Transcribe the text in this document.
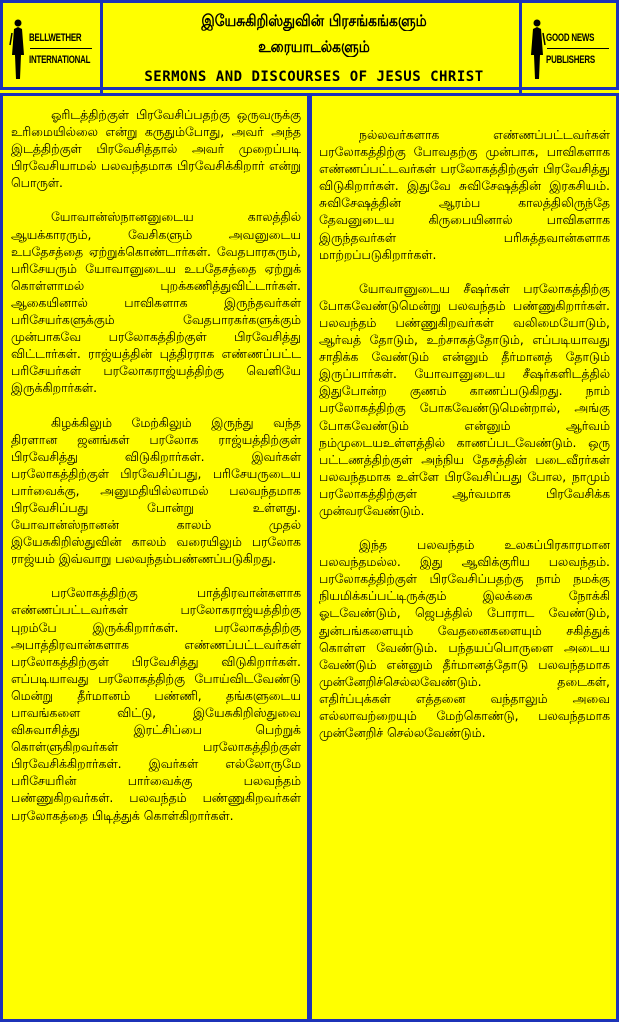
BELLWETHER
INTERNATIONAL
இயேசுகிறிஸ்துவின் பிரசங்கங்களும்
உரையாடல்களும்
SERMONS AND DISCOURSES OF JESUS CHRIST
GOOD NEWS
PUBLISHERS

ஓரிடத்திற்குள் பிரவேசிப்பதற்கு ஒருவருக்கு உரிமையில்லை என்று கருதும்போது, அவர் அந்த இடத்திற்குள் பிரவேசித்தால் அவர் முறைப்படி பிரவேசியாமல் பலவந்தமாக பிரவேசிக்கிறார் என்று பொருள்.

யோவான்ஸ்நானனுடைய காலத்தில் ஆயக்காரரும், வேசிகளும் அவனுடைய உபதேசத்தை ஏற்றுக்கொண்டார்கள். வேதபாரகரும், பரிசேயரும் யோவானுடைய உபதேசத்தை ஏற்றுக் கொள்ளாமல் புறக்கணித்துவிட்டார்கள். ஆகையினால் பாவிகளாக இருந்தவர்கள் பரிசேயர்களுக்கும் வேதபாரகர்களுக்கும் முன்பாகவே பரலோகத்திற்குள் பிரவேசித்து விட்டார்கள். ராஜ்யத்தின் புத்திரராக எண்ணப்பட்ட பரிசேயர்கள் பரலோகராஜ்யத்திற்கு வெளியே இருக்கிறார்கள்.

கிழக்கிலும் மேற்கிலும் இருந்து வந்த திரளான ஜனங்கள் பரலோக ராஜ்யத்திற்குள் பிரவேசித்து விடுகிறார்கள். இவர்கள் பரலோகத்திற்குள் பிரவேசிப்பது, பரிசேயருடைய பார்வைக்கு, அனுமதியில்லாமல் பலவந்தமாக பிரவேசிப்பது போன்று உள்ளது. யோவான்ஸ்நானன் காலம் முதல் இயேசுகிறிஸ்துவின் காலம் வரையிலும் பரலோக ராஜ்யம் இவ்வாறு பலவந்தம்பண்ணப்படுகிறது.

பரலோகத்திற்கு பாத்திரவான்களாக எண்ணப்பட்டவர்கள் பரலோகராஜ்யத்திற்கு புறம்பே இருக்கிறார்கள். பரலோகத்திற்கு அபாத்திரவான்களாக எண்ணப்பட்டவர்கள் பரலோகத்திற்குள் பிரவேசித்து விடுகிறார்கள். எப்படியாவது பரலோகத்திற்கு போய்விடவேண்டு மென்று தீர்மானம் பண்ணி, தங்களுடைய பாவங்களை விட்டு, இயேசுகிறிஸ்துவை விசுவாசித்து இரட்சிப்பை பெற்றுக் கொள்ளுகிறவர்கள் பரலோகத்திற்குள் பிரவேசிக்கிறார்கள். இவர்கள் எல்லோருமே பரிசேயரின் பார்வைக்கு பலவந்தம் பண்ணுகிறவர்கள். பலவந்தம் பண்ணுகிறவர்கள் பரலோகத்தை பிடித்துக் கொள்கிறார்கள்.

நல்லவர்களாக எண்ணப்பட்டவர்கள் பரலோகத்திற்கு போவதற்கு முன்பாக, பாவிகளாக எண்ணப்பட்டவர்கள் பரலோகத்திற்குள் பிரவேசித்து விடுகிறார்கள். இதுவே சுவிசேஷத்தின் இரகசியம். சுவிசேஷத்தின் ஆரம்ப காலத்திலிருந்தே தேவனுடைய கிருபையினால் பாவிகளாக இருந்தவர்கள் பரிசுத்தவான்களாக மாற்றப்படுகிறார்கள்.

யோவானுடைய சீஷர்கள் பரலோகத்திற்கு போகவேண்டுமென்று பலவந்தம் பண்ணுகிறார்கள். பலவந்தம் பண்ணுகிறவர்கள் வலிமையோடும், ஆர்வத் தோடும், உற்சாகத்தோடும், எப்படியாவது சாதிக்க வேண்டும் என்னும் தீர்மானத் தோடும் இருப்பார்கள். யோவானுடைய சீஷர்களிடத்தில் இதுபோன்ற குணம் காணப்படுகிறது. நாம் பரலோகத்திற்கு போகவேண்டுமென்றால், அங்கு போகவேண்டும் என்னும் ஆர்வம் நம்முடையஉள்ளத்தில் காணப்படவேண்டும். ஒரு பட்டணத்திற்குள் அந்நிய தேசத்தின் படைவீரர்கள் பலவந்தமாக உள்ளே பிரவேசிப்பது போல, நாமும் பரலோகத்திற்குள் ஆர்வமாக பிரவேசிக்க முன்வரவேண்டும்.

இந்த பலவந்தம் உலகப்பிரகாரமான பலவந்தமல்ல. இது ஆவிக்குரிய பலவந்தம். பரலோகத்திற்குள் பிரவேசிப்பதற்கு நாம் நமக்கு நியமிக்கப்பட்டிருக்கும் இலக்கை நோக்கி ஓடவேண்டும், ஜெபத்தில் போராட வேண்டும், துன்பங்களையும் வேதனைகளையும் சகித்துக் கொள்ள வேண்டும். பந்தயப்பொருளை அடைய வேண்டும் என்னும் தீர்மானத்தோடு பலவந்தமாக முன்னேறிச்செல்லவேண்டும். தடைகள், எதிர்ப்புக்கள் எத்தனை வந்தாலும் அவை எல்லாவற்றையும் மேற்கொண்டு, பலவந்தமாக முன்னேறிச் செல்லவேண்டும்.
